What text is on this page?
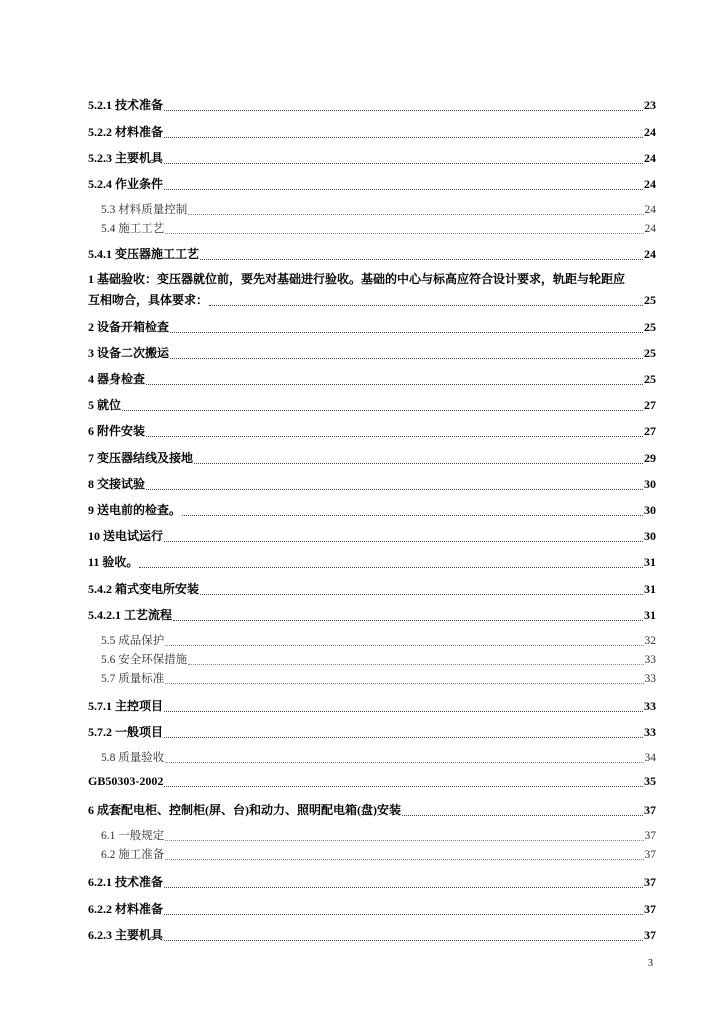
5.2.1 技术准备	23
5.2.2 材料准备	24
5.2.3 主要机具	24
5.2.4 作业条件	24
5.3 材料质量控制	24
5.4 施工工艺	24
5.4.1 变压器施工工艺	24
1 基础验收：变压器就位前，要先对基础进行验收。基础的中心与标高应符合设计要求，轨距与轮距应
互相吻合，具体要求：	25
2 设备开箱检查	25
3 设备二次搬运	25
4 器身检查	25
5 就位	27
6 附件安装	27
7 变压器结线及接地	29
8 交接试验	30
9 送电前的检查。	30
10 送电试运行	30
11 验收。	31
5.4.2 箱式变电所安装	31
5.4.2.1 工艺流程	31
5.5 成品保护	32
5.6 安全环保措施	33
5.7 质量标准	33
5.7.1 主控项目	33
5.7.2 一般项目	33
5.8 质量验收	34
GB50303-2002	35
6 成套配电柜、控制柜(屏、台)和动力、照明配电箱(盘)安装	37
6.1 一般规定	37
6.2 施工准备	37
6.2.1 技术准备	37
6.2.2 材料准备	37
6.2.3 主要机具	37
3
